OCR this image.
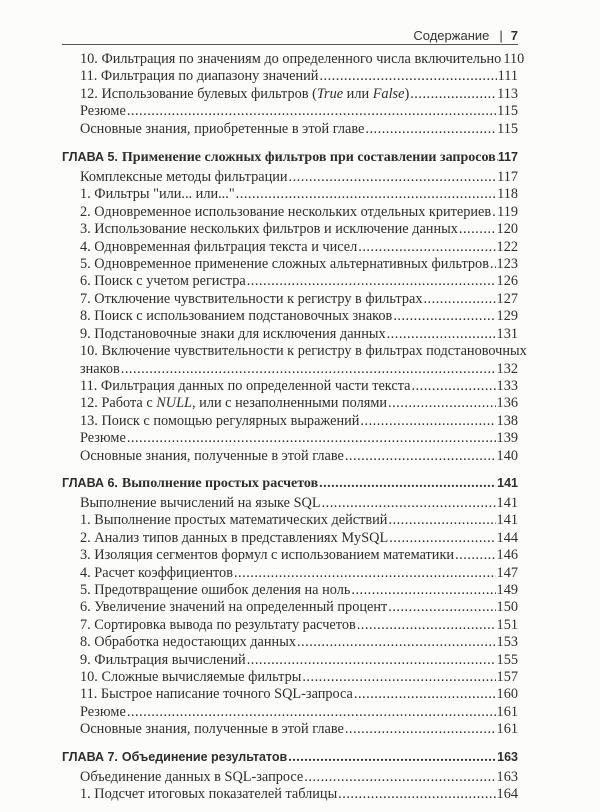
Содержание | 7
10. Фильтрация по значениям до определенного числа включительно 110
11. Фильтрация по диапазону значений .....	111
12. Использование булевых фильтров (True или False) .....	113
Резюме .....	115
Основные знания, приобретенные в этой главе .....	115
ГЛАВА 5. Применение сложных фильтров при составлении запросов ..... 117
Комплексные методы фильтрации .....	117
1. Фильтры "или... или..." .....	118
2. Одновременное использование нескольких отдельных критериев ..... 119
3. Использование нескольких фильтров и исключение данных .....	120
4. Одновременная фильтрация текста и чисел .....	122
5. Одновременное применение сложных альтернативных фильтров ..... 123
6. Поиск с учетом регистра .....	126
7. Отключение чувствительности к регистру в фильтрах .....	127
8. Поиск с использованием подстановочных знаков .....	129
9. Подстановочные знаки для исключения данных .....	131
10. Включение чувствительности к регистру в фильтрах подстановочных
знаков .....	132
11. Фильтрация данных по определенной части текста .....	133
12. Работа с NULL, или с незаполненными полями .....	136
13. Поиск с помощью регулярных выражений .....	138
Резюме .....	139
Основные знания, полученные в этой главе .....	140
ГЛАВА 6. Выполнение простых расчетов .....	141
Выполнение вычислений на языке SQL .....	141
1. Выполнение простых математических действий .....	141
2. Анализ типов данных в представлениях MySQL .....	144
3. Изоляция сегментов формул с использованием математики .....	146
4. Расчет коэффициентов .....	147
5. Предотвращение ошибок деления на ноль .....	149
6. Увеличение значений на определенный процент .....	150
7. Сортировка вывода по результату расчетов .....	151
8. Обработка недостающих данных .....	153
9. Фильтрация вычислений .....	155
10. Сложные вычисляемые фильтры .....	157
11. Быстрое написание точного SQL-запроса .....	160
Резюме .....	161
Основные знания, полученные в этой главе .....	161
ГЛАВА 7. Объединение результатов .....	163
Объединение данных в SQL-запросе .....	163
1. Подсчет итоговых показателей таблицы .....	164
